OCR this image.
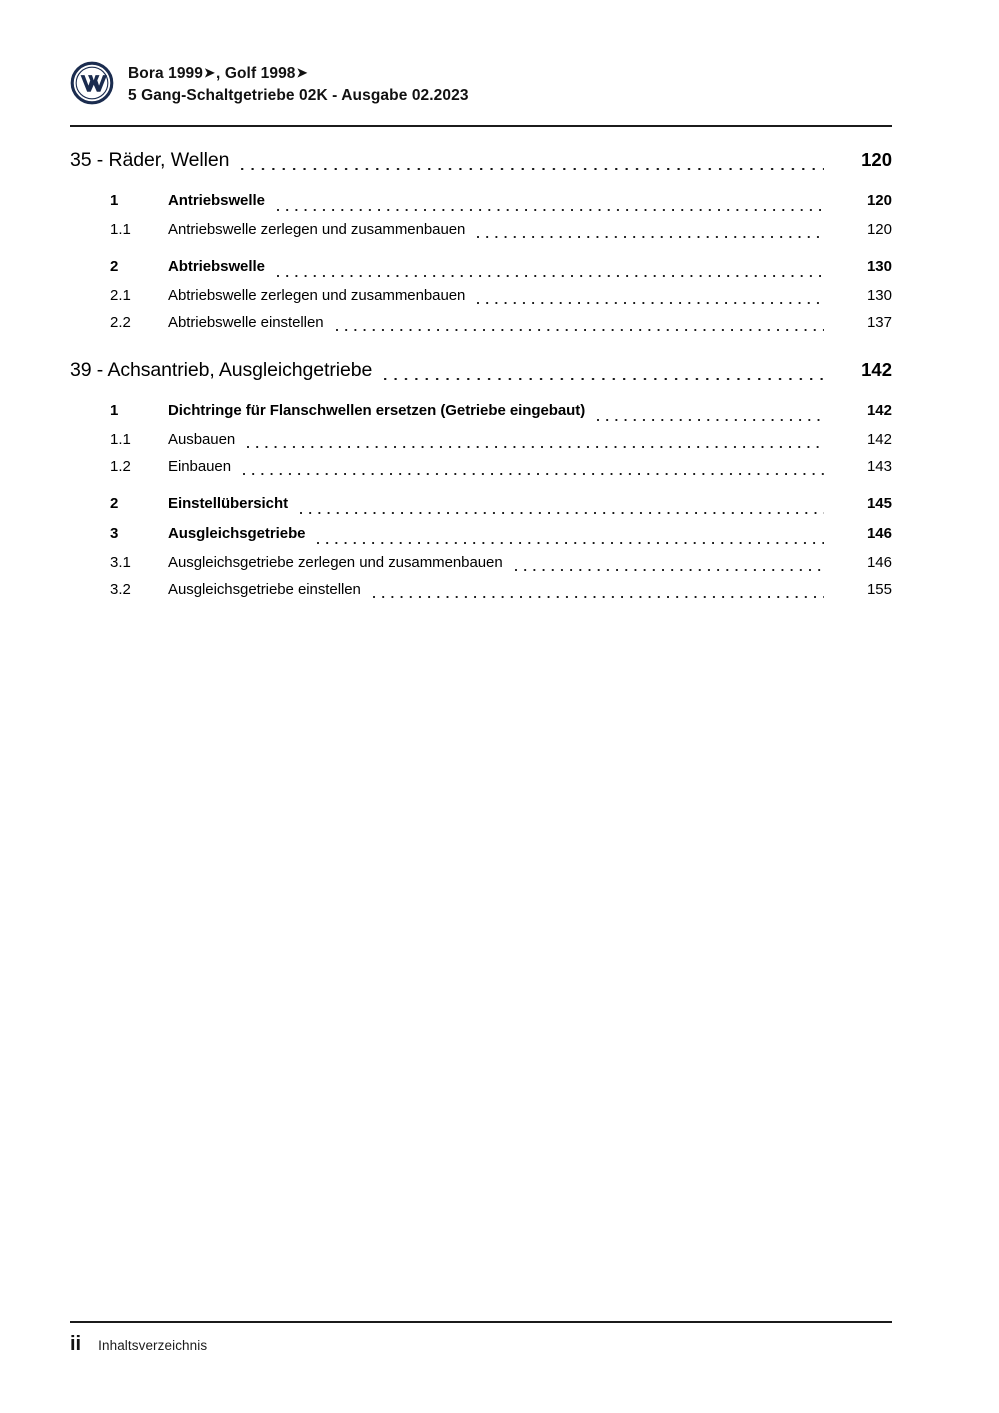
Bora 1999➤, Golf 1998➤
5 Gang-Schaltgetriebe 02K - Ausgabe 02.2023
35 - Räder, Wellen	120
1	Antriebswelle	120
1.1	Antriebswelle zerlegen und zusammenbauen	120
2	Abtriebswelle	130
2.1	Abtriebswelle zerlegen und zusammenbauen	130
2.2	Abtriebswelle einstellen	137
39 - Achsantrieb, Ausgleichgetriebe	142
1	Dichtringe für Flanschwellen ersetzen (Getriebe eingebaut)	142
1.1	Ausbauen	142
1.2	Einbauen	143
2	Einstellübersicht	145
3	Ausgleichsgetriebe	146
3.1	Ausgleichsgetriebe zerlegen und zusammenbauen	146
3.2	Ausgleichsgetriebe einstellen	155
ii Inhaltsverzeichnis
